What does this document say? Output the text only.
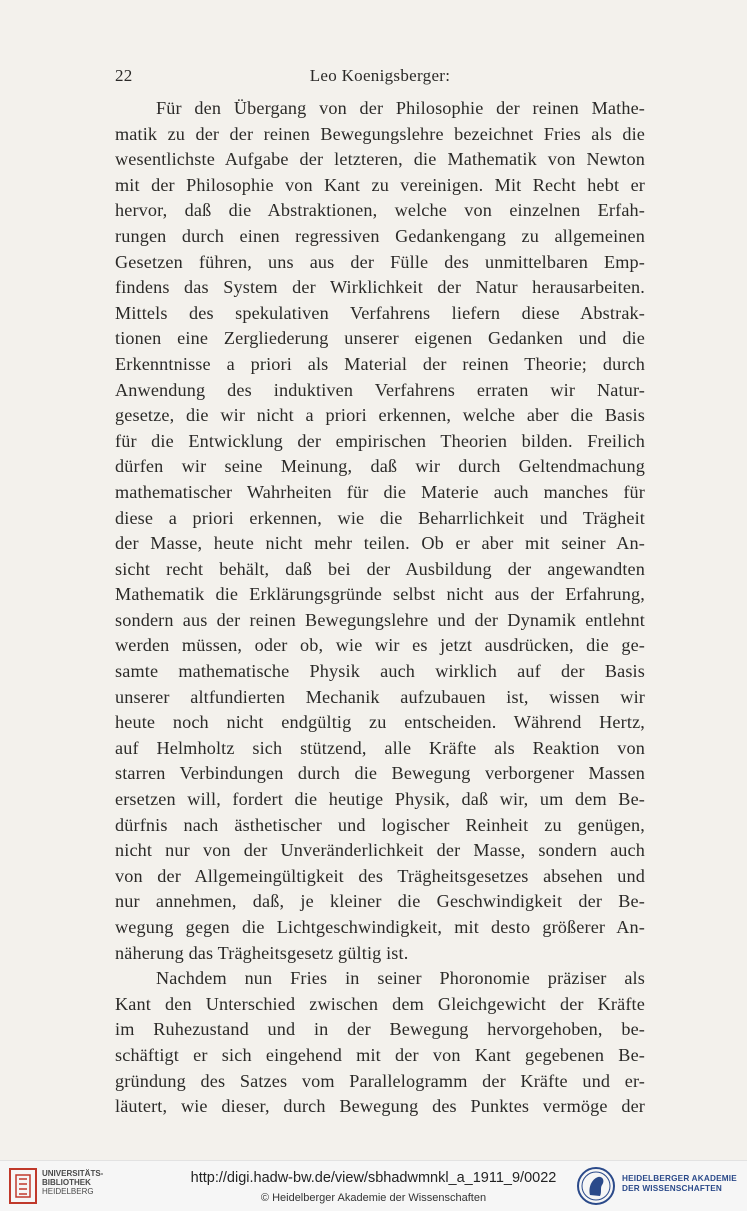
22	Leo Koenigsberger:
Für den Übergang von der Philosophie der reinen Mathe-
matik zu der der reinen Bewegungslehre bezeichnet Fries als die
wesentlichste Aufgabe der letzteren, die Mathematik von Newton
mit der Philosophie von Kant zu vereinigen. Mit Recht hebt er
hervor, daß die Abstraktionen, welche von einzelnen Erfah-
rungen durch einen regressiven Gedankengang zu allgemeinen
Gesetzen führen, uns aus der Fülle des unmittelbaren Emp-
findens das System der Wirklichkeit der Natur herausarbeiten.
Mittels des spekulativen Verfahrens liefern diese Abstrak-
tionen eine Zergliederung unserer eigenen Gedanken und die
Erkenntnisse a priori als Material der reinen Theorie; durch
Anwendung des induktiven Verfahrens erraten wir Natur-
gesetze, die wir nicht a priori erkennen, welche aber die Basis
für die Entwicklung der empirischen Theorien bilden. Freilich
dürfen wir seine Meinung, daß wir durch Geltendmachung
mathematischer Wahrheiten für die Materie auch manches für
diese a priori erkennen, wie die Beharrlichkeit und Trägheit
der Masse, heute nicht mehr teilen. Ob er aber mit seiner An-
sicht recht behält, daß bei der Ausbildung der angewandten
Mathematik die Erklärungsgründe selbst nicht aus der Erfahrung,
sondern aus der reinen Bewegungslehre und der Dynamik entlehnt
werden müssen, oder ob, wie wir es jetzt ausdrücken, die ge-
samte mathematische Physik auch wirklich auf der Basis
unserer altfundierten Mechanik aufzubauen ist, wissen wir
heute noch nicht endgültig zu entscheiden. Während Hertz,
auf Helmholtz sich stützend, alle Kräfte als Reaktion von
starren Verbindungen durch die Bewegung verborgener Massen
ersetzen will, fordert die heutige Physik, daß wir, um dem Be-
dürfnis nach ästhetischer und logischer Reinheit zu genügen,
nicht nur von der Unveränderlichkeit der Masse, sondern auch
von der Allgemeingültigkeit des Trägheitsgesetzes absehen und
nur annehmen, daß, je kleiner die Geschwindigkeit der Be-
wegung gegen die Lichtgeschwindigkeit, mit desto größerer An-
näherung das Trägheitsgesetz gültig ist.
Nachdem nun Fries in seiner Phoronomie präziser als
Kant den Unterschied zwischen dem Gleichgewicht der Kräfte
im Ruhezustand und in der Bewegung hervorgehoben, be-
schäftigt er sich eingehend mit der von Kant gegebenen Be-
gründung des Satzes vom Parallelogramm der Kräfte und er-
läutert, wie dieser, durch Bewegung des Punktes vermöge der
UNIVERSITÄTS-
BIBLIOTHEK
HEIDELBERG
http://digi.hadw-bw.de/view/sbhadwmnkl_a_1911_9/0022
© Heidelberger Akademie der Wissenschaften
HEIDELBERGER AKADEMIE
DER WISSENSCHAFTEN
